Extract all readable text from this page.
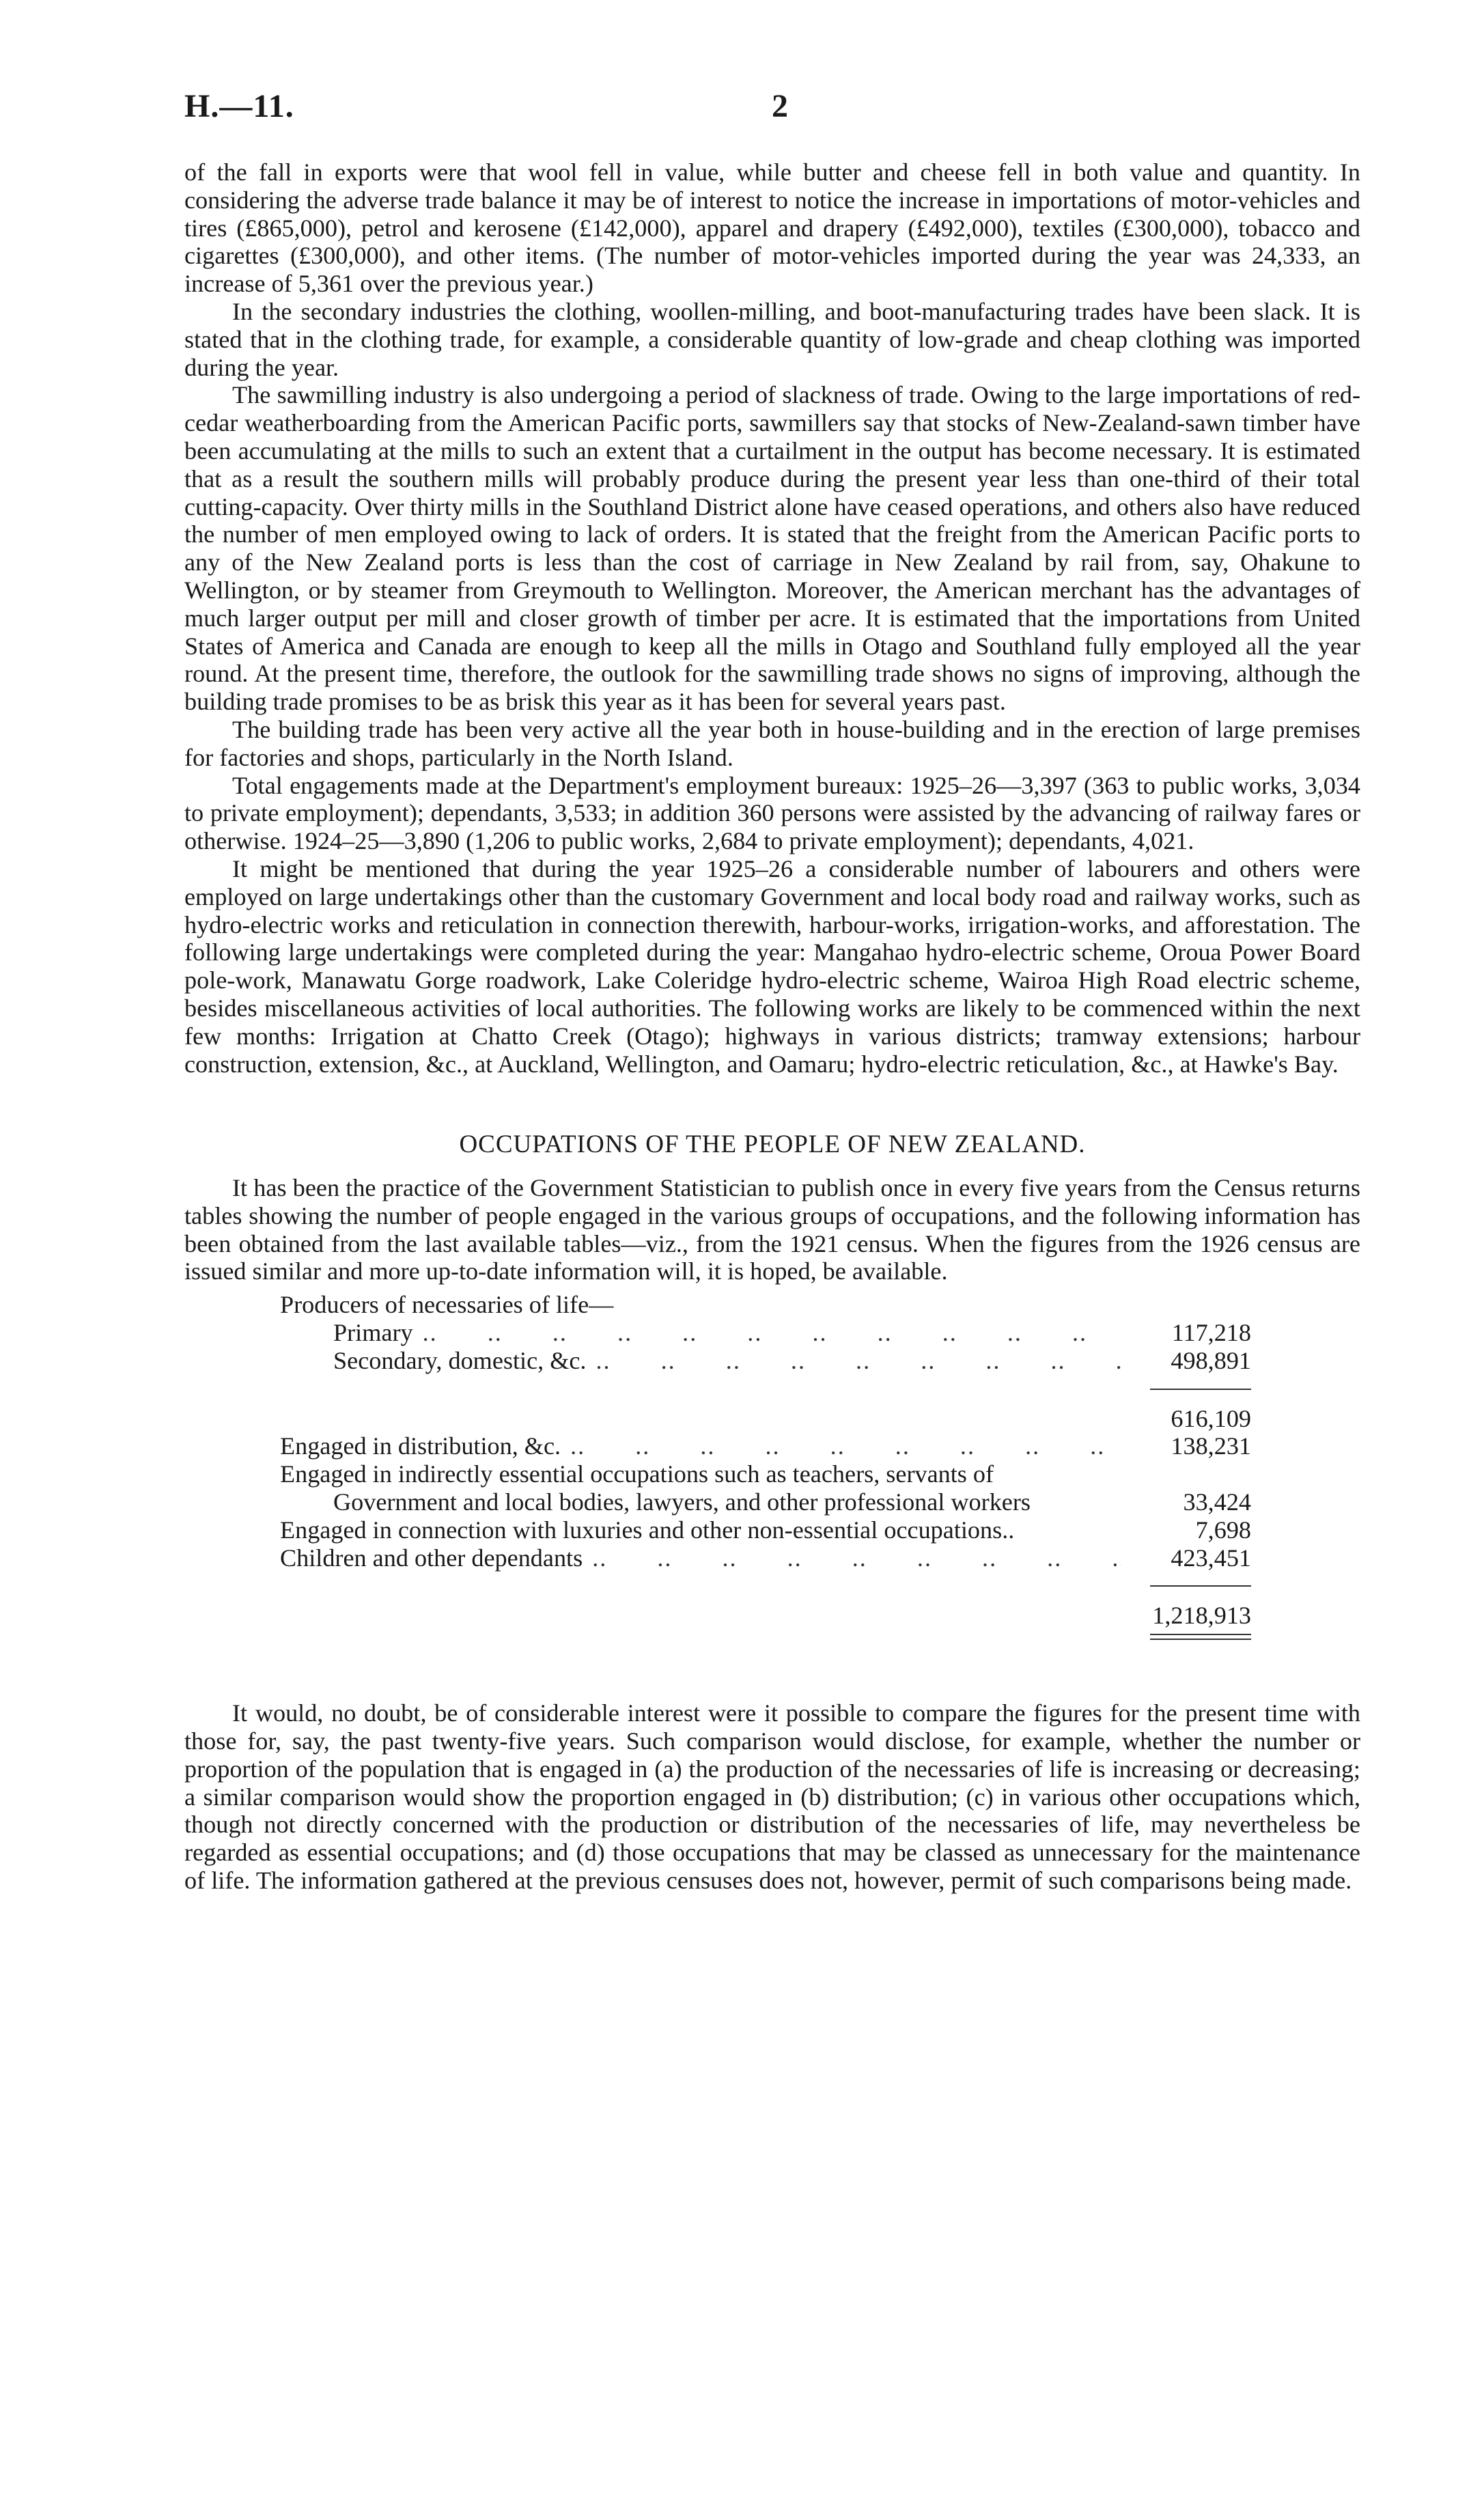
H.—11.	2

of the fall in exports were that wool fell in value, while butter and cheese fell in both value and quantity. In considering the adverse trade balance it may be of interest to notice the increase in importations of motor-vehicles and tires (£865,000), petrol and kerosene (£142,000), apparel and drapery (£492,000), textiles (£300,000), tobacco and cigarettes (£300,000), and other items. (The number of motor-vehicles imported during the year was 24,333, an increase of 5,361 over the previous year.)

In the secondary industries the clothing, woollen-milling, and boot-manufacturing trades have been slack. It is stated that in the clothing trade, for example, a considerable quantity of low-grade and cheap clothing was imported during the year.

The sawmilling industry is also undergoing a period of slackness of trade. Owing to the large importations of red-cedar weatherboarding from the American Pacific ports, sawmillers say that stocks of New-Zealand-sawn timber have been accumulating at the mills to such an extent that a curtailment in the output has become necessary. It is estimated that as a result the southern mills will probably produce during the present year less than one-third of their total cutting-capacity. Over thirty mills in the Southland District alone have ceased operations, and others also have reduced the number of men employed owing to lack of orders. It is stated that the freight from the American Pacific ports to any of the New Zealand ports is less than the cost of carriage in New Zealand by rail from, say, Ohakune to Wellington, or by steamer from Greymouth to Wellington. Moreover, the American merchant has the advantages of much larger output per mill and closer growth of timber per acre. It is estimated that the importations from United States of America and Canada are enough to keep all the mills in Otago and Southland fully employed all the year round. At the present time, therefore, the outlook for the sawmilling trade shows no signs of improving, although the building trade promises to be as brisk this year as it has been for several years past.

The building trade has been very active all the year both in house-building and in the erection of large premises for factories and shops, particularly in the North Island.

Total engagements made at the Department's employment bureaux: 1925–26—3,397 (363 to public works, 3,034 to private employment); dependants, 3,533; in addition 360 persons were assisted by the advancing of railway fares or otherwise. 1924–25—3,890 (1,206 to public works, 2,684 to private employment); dependants, 4,021.

It might be mentioned that during the year 1925–26 a considerable number of labourers and others were employed on large undertakings other than the customary Government and local body road and railway works, such as hydro-electric works and reticulation in connection therewith, harbour-works, irrigation-works, and afforestation. The following large undertakings were completed during the year: Mangahao hydro-electric scheme, Oroua Power Board pole-work, Manawatu Gorge roadwork, Lake Coleridge hydro-electric scheme, Wairoa High Road electric scheme, besides miscellaneous activities of local authorities. The following works are likely to be commenced within the next few months: Irrigation at Chatto Creek (Otago); highways in various districts; tramway extensions; harbour construction, extension, &c., at Auckland, Wellington, and Oamaru; hydro-electric reticulation, &c., at Hawke's Bay.

OCCUPATIONS OF THE PEOPLE OF NEW ZEALAND.

It has been the practice of the Government Statistician to publish once in every five years from the Census returns tables showing the number of people engaged in the various groups of occupations, and the following information has been obtained from the last available tables—viz., from the 1921 census. When the figures from the 1926 census are issued similar and more up-to-date information will, it is hoped, be available.

Producers of necessaries of life—
Primary .. ..	117,218
Secondary, domestic, &c. .. ..	498,891
616,109
Engaged in distribution, &c. .. ..	138,231
Engaged in indirectly essential occupations such as teachers, servants of
Government and local bodies, lawyers, and other professional workers	33,424
Engaged in connection with luxuries and other non-essential occupations..	7,698
Children and other dependants .. ..	423,451
1,218,913

It would, no doubt, be of considerable interest were it possible to compare the figures for the present time with those for, say, the past twenty-five years. Such comparison would disclose, for example, whether the number or proportion of the population that is engaged in (a) the production of the necessaries of life is increasing or decreasing; a similar comparison would show the proportion engaged in (b) distribution; (c) in various other occupations which, though not directly concerned with the production or distribution of the necessaries of life, may nevertheless be regarded as essential occupations; and (d) those occupations that may be classed as unnecessary for the maintenance of life. The information gathered at the previous censuses does not, however, permit of such comparisons being made.
